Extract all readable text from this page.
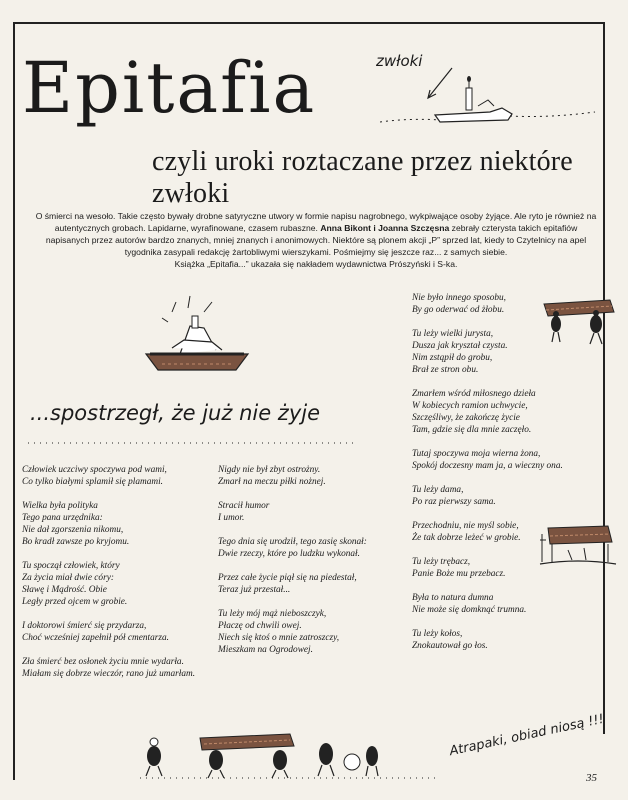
Epitafia
czyli uroki roztaczane przez niektóre zwłoki
zwłoki
O śmierci na wesoło. Takie często bywały drobne satyryczne utwory w formie napisu nagrobnego, wykpiwające osoby żyjące. Ale ryto je również na autentycznych grobach. Lapidarne, wyrafinowane, czasem rubaszne. Anna Bikont i Joanna Szczęsna zebrały czterysta takich epitafiów napisanych przez autorów bardzo znanych, mniej znanych i anonimowych. Niektóre są plonem akcji „P” sprzed lat, kiedy to Czytelnicy na apel tygodnika zasypali redakcję żartobliwymi wierszykami. Pośmiejmy się jeszcze raz... z samych siebie.
Książka „Epitafia...” ukazała się nakładem wydawnictwa Prószyński i S-ka.
...spostrzegł, że już nie żyje
Człowiek uczciwy spoczywa pod wami,
Co tylko białymi splamił się plamami.
Wielka była polityka
Tego pana urzędnika:
Nie dał zgorszenia nikomu,
Bo kradł zawsze po kryjomu.
Tu spoczął człowiek, który
Za życia miał dwie córy:
Sławę i Mądrość. Obie
Legły przed ojcem w grobie.
I doktorowi śmierć się przydarza,
Choć wcześniej zapełnił pół cmentarza.
Zła śmierć bez osłonek życiu mnie wydarła.
Miałam się dobrze wieczór, rano już umarłam.
Nigdy nie był zbyt ostrożny.
Zmarł na meczu piłki nożnej.
Stracił humor
I umor.
Tego dnia się urodził, tego zasię skonał:
Dwie rzeczy, które po ludzku wykonał.
Przez całe życie piął się na piedestał,
Teraz już przestał...
Tu leży mój mąż nieboszczyk,
Płaczę od chwili owej.
Niech się ktoś o mnie zatroszczy,
Mieszkam na Ogrodowej.
Nie było innego sposobu,
By go oderwać od żłobu.
Tu leży wielki jurysta,
Dusza jak kryształ czysta.
Nim zstąpił do grobu,
Brał ze stron obu.
Zmarłem wśród miłosnego dzieła
W kobiecych ramion uchwycie,
Szczęśliwy, że zakończę życie
Tam, gdzie się dla mnie zaczęło.
Tutaj spoczywa moja wierna żona,
Spokój doczesny mam ja, a wieczny ona.
Tu leży dama,
Po raz pierwszy sama.
Przechodniu, nie myśl sobie,
Że tak dobrze leżeć w grobie.
Tu leży trębacz,
Panie Boże mu przebacz.
Była to natura dumna
Nie może się domknąć trumna.
Tu leży kołos,
Znokautował go łos.
Atrapaki, obiad niosą !!!
35
